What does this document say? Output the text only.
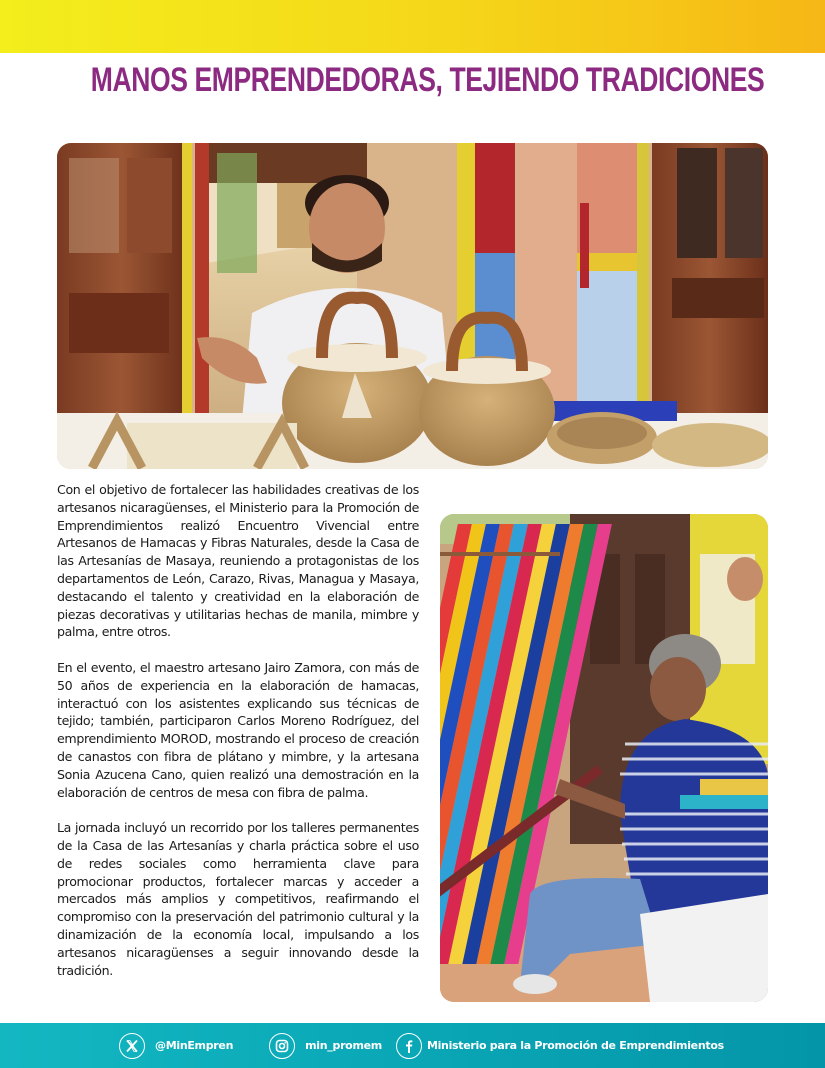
MANOS EMPRENDEDORAS, TEJIENDO TRADICIONES

Con el objetivo de fortalecer las habilidades creativas de los artesanos nicaragüenses, el Ministerio para la Promoción de Emprendimientos realizó Encuentro Vivencial entre Artesanos de Hamacas y Fibras Naturales, desde la Casa de las Artesanías de Masaya, reuniendo a protagonistas de los departamentos de León, Carazo, Rivas, Managua y Masaya, destacando el talento y creatividad en la elaboración de piezas decorativas y utilitarias hechas de manila, mimbre y palma, entre otros.

En el evento, el maestro artesano Jairo Zamora, con más de 50 años de experiencia en la elaboración de hamacas, interactuó con los asistentes explicando sus técnicas de tejido; también, participaron Carlos Moreno Rodríguez, del emprendimiento MOROD, mostrando el proceso de creación de canastos con fibra de plátano y mimbre, y la artesana Sonia Azucena Cano, quien realizó una demostración en la elaboración de centros de mesa con fibra de palma.

La jornada incluyó un recorrido por los talleres permanentes de la Casa de las Artesanías y charla práctica sobre el uso de redes sociales como herramienta clave para promocionar productos, fortalecer marcas y acceder a mercados más amplios y competitivos, reafirmando el compromiso con la preservación del patrimonio cultural y la dinamización de la economía local, impulsando a los artesanos nicaragüenses a seguir innovando desde la tradición.

@MinEmpren	min_promem	Ministerio para la Promoción de Emprendimientos
